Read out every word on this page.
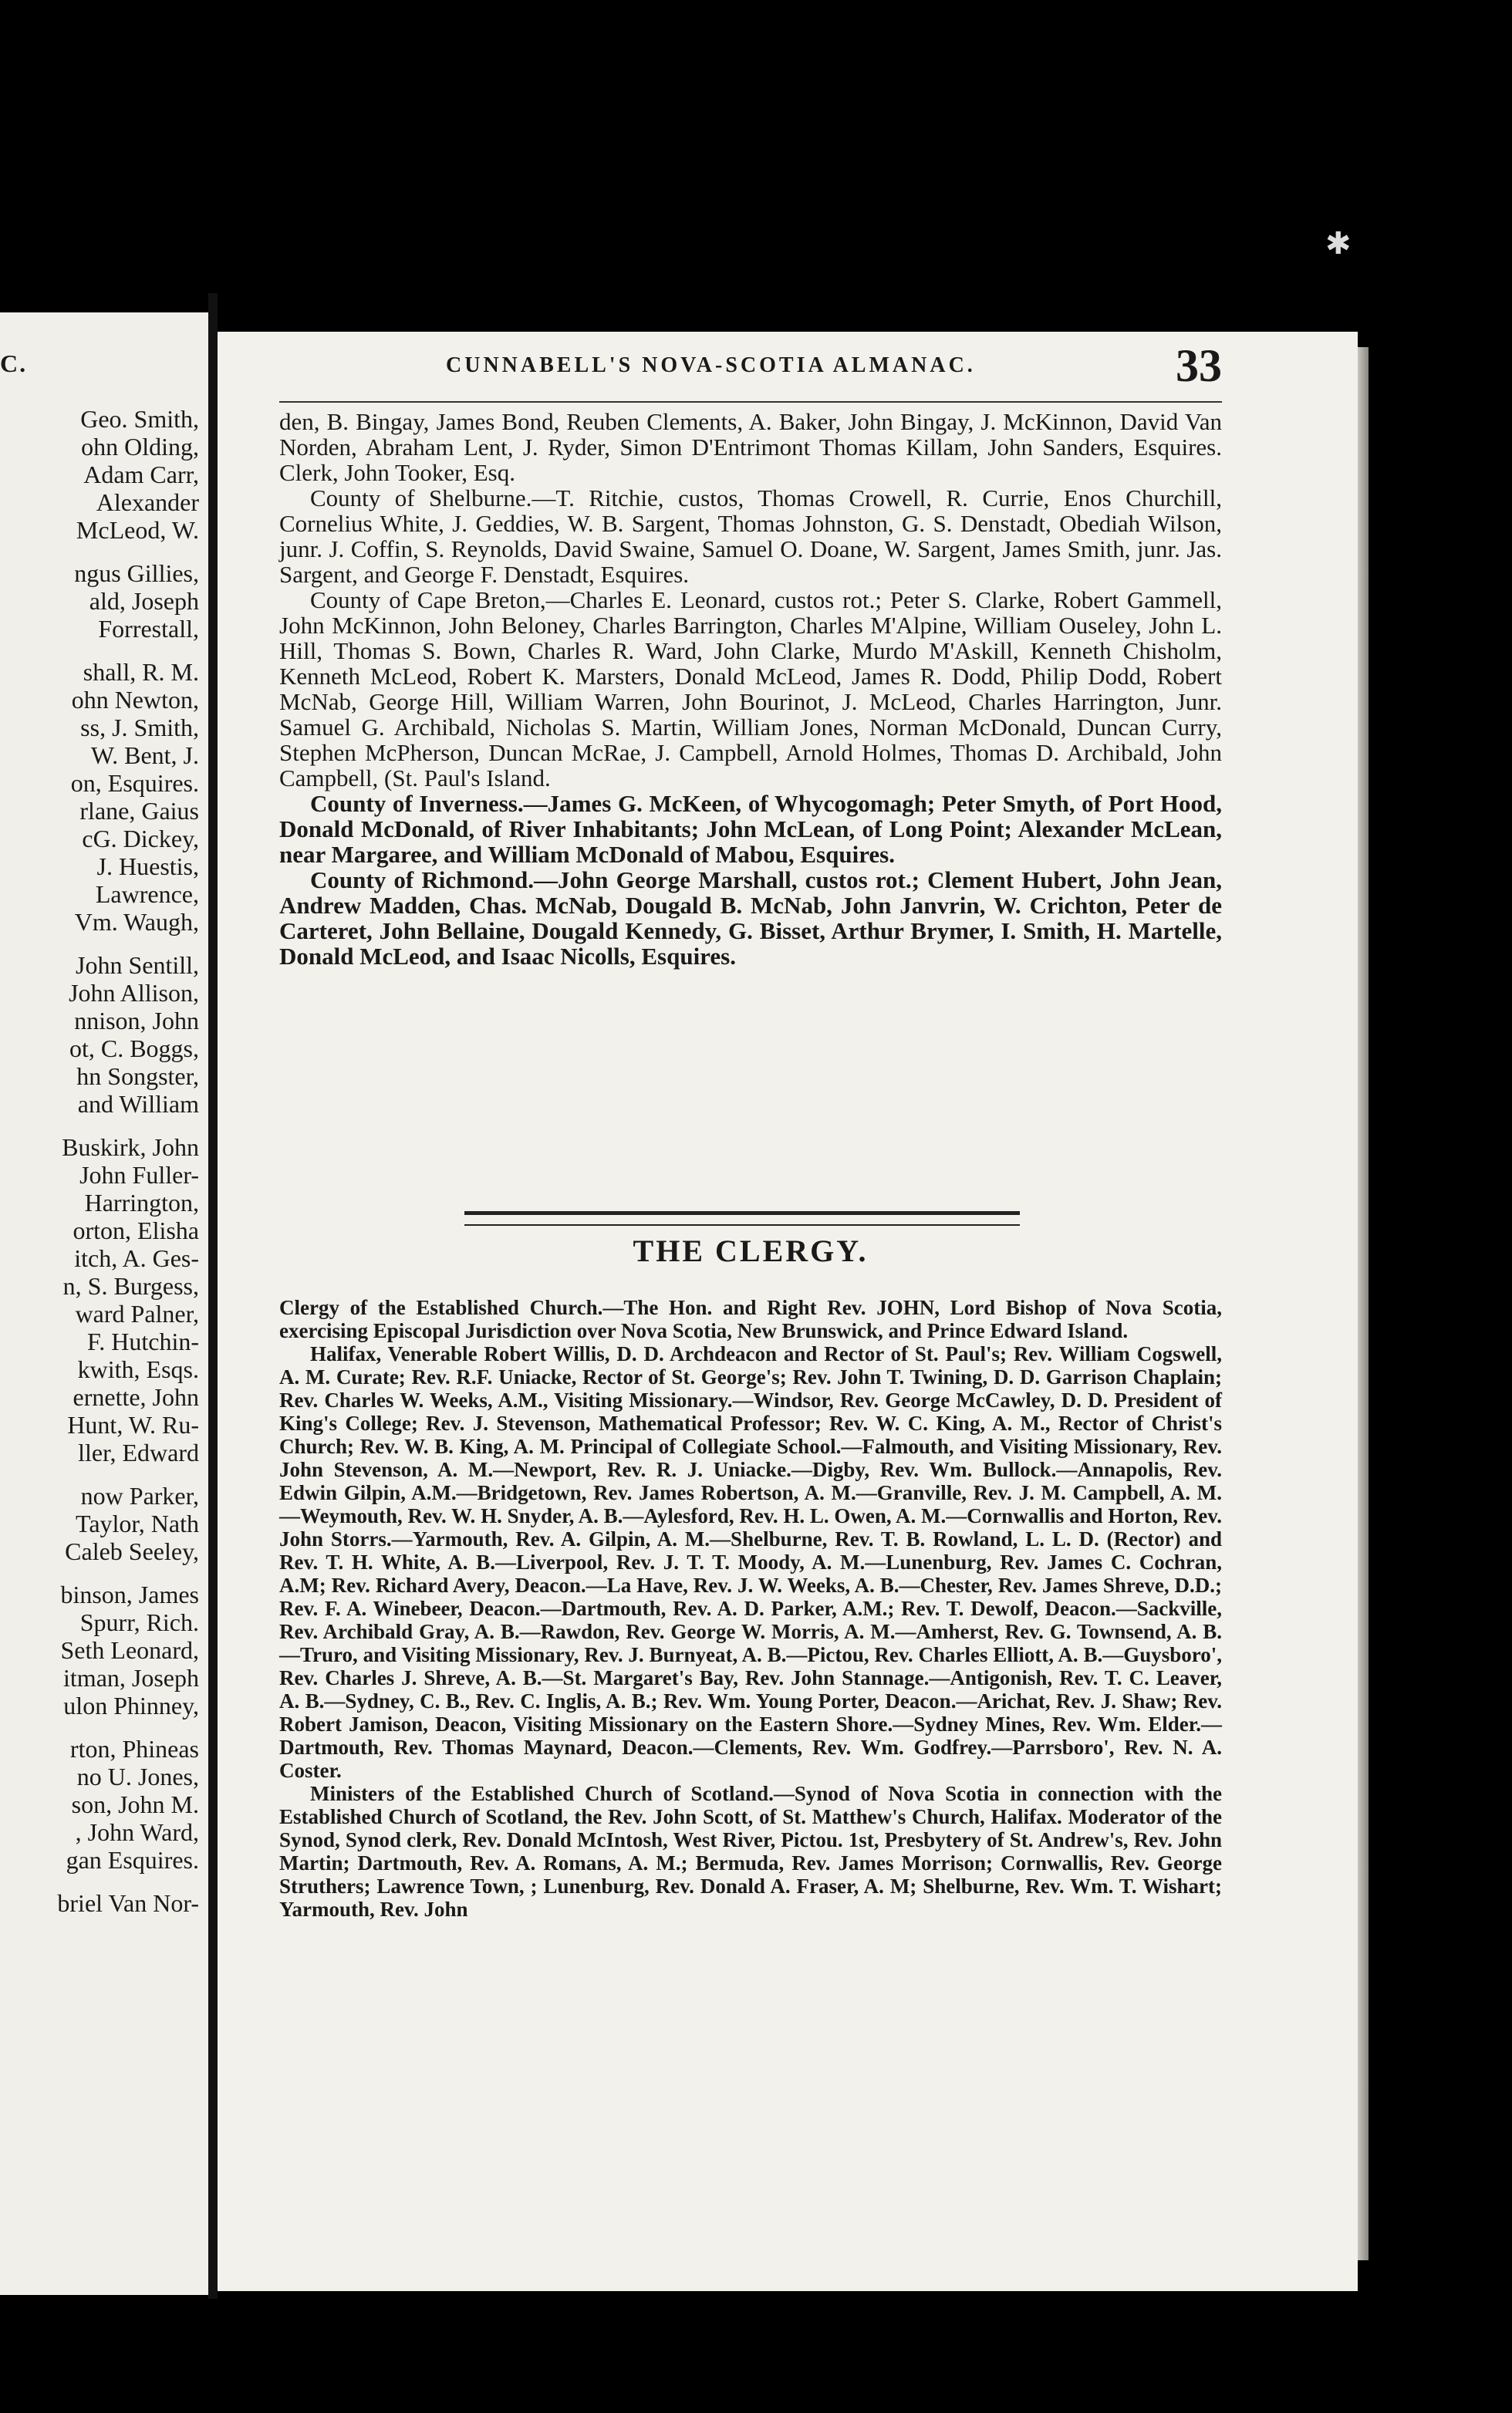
✱
C.
Geo. Smith,
ohn Olding,
Adam Carr,
Alexander
McLeod, W.
ngus Gillies,
ald, Joseph
Forrestall,
shall, R. M.
ohn Newton,
ss, J. Smith,
W. Bent, J.
on, Esquires.
rlane, Gaius
cG. Dickey,
J. Huestis,
Lawrence,
Vm. Waugh,
John Sentill,
John Allison,
nnison, John
ot, C. Boggs,
hn Songster,
and William
Buskirk, John
John Fuller-
Harrington,
orton, Elisha
itch, A. Ges-
n, S. Burgess,
ward Palner,
F. Hutchin-
kwith, Esqs.
ernette, John
Hunt, W. Ru-
ller, Edward
now Parker,
Taylor, Nath
Caleb Seeley,
binson, James
Spurr, Rich.
Seth Leonard,
itman, Joseph
ulon Phinney,
rton, Phineas
no U. Jones,
son, John M.
, John Ward,
gan Esquires.
briel Van Nor-
CUNNABELL'S NOVA-SCOTIA ALMANAC.	33

den, B. Bingay, James Bond, Reuben Clements, A. Baker, John Bingay, J. McKinnon, David Van Norden, Abraham Lent, J. Ryder, Simon D'Entrimont Thomas Killam, John Sanders, Esquires. Clerk, John Tooker, Esq.

County of Shelburne.—T. Ritchie, custos, Thomas Crowell, R. Currie, Enos Churchill, Cornelius White, J. Geddies, W. B. Sargent, Thomas Johnston, G. S. Denstadt, Obediah Wilson, junr. J. Coffin, S. Reynolds, David Swaine, Samuel O. Doane, W. Sargent, James Smith, junr. Jas. Sargent, and George F. Denstadt, Esquires.

County of Cape Breton,—Charles E. Leonard, custos rot.; Peter S. Clarke, Robert Gammell, John McKinnon, John Beloney, Charles Barrington, Charles M'Alpine, William Ouseley, John L. Hill, Thomas S. Bown, Charles R. Ward, John Clarke, Murdo M'Askill, Kenneth Chisholm, Kenneth McLeod, Robert K. Marsters, Donald McLeod, James R. Dodd, Philip Dodd, Robert McNab, George Hill, William Warren, John Bourinot, J. McLeod, Charles Harrington, Junr. Samuel G. Archibald, Nicholas S. Martin, William Jones, Norman McDonald, Duncan Curry, Stephen McPherson, Duncan McRae, J. Campbell, Arnold Holmes, Thomas D. Archibald, John Campbell, (St. Paul's Island.

County of Inverness.—James G. McKeen, of Whycogomagh; Peter Smyth, of Port Hood, Donald McDonald, of River Inhabitants; John McLean, of Long Point; Alexander McLean, near Margaree, and William McDonald of Mabou, Esquires.

County of Richmond.—John George Marshall, custos rot.; Clement Hubert, John Jean, Andrew Madden, Chas. McNab, Dougald B. McNab, John Janvrin, W. Crichton, Peter de Carteret, John Bellaine, Dougald Kennedy, G. Bisset, Arthur Brymer, I. Smith, H. Martelle, Donald McLeod, and Isaac Nicolls, Esquires.

THE CLERGY.

Clergy of the Established Church.—The Hon. and Right Rev. JOHN, Lord Bishop of Nova Scotia, exercising Episcopal Jurisdiction over Nova Scotia, New Brunswick, and Prince Edward Island.

Halifax, Venerable Robert Willis, D. D. Archdeacon and Rector of St. Paul's; Rev. William Cogswell, A. M. Curate; Rev. R.F. Uniacke, Rector of St. George's; Rev. John T. Twining, D. D. Garrison Chaplain; Rev. Charles W. Weeks, A.M., Visiting Missionary.—Windsor, Rev. George McCawley, D. D. President of King's College; Rev. J. Stevenson, Mathematical Professor; Rev. W. C. King, A. M., Rector of Christ's Church; Rev. W. B. King, A. M. Principal of Collegiate School.—Falmouth, and Visiting Missionary, Rev. John Stevenson, A. M.—Newport, Rev. R. J. Uniacke.—Digby, Rev. Wm. Bullock.—Annapolis, Rev. Edwin Gilpin, A.M.—Bridgetown, Rev. James Robertson, A. M.—Granville, Rev. J. M. Campbell, A. M.—Weymouth, Rev. W. H. Snyder, A. B.—Aylesford, Rev. H. L. Owen, A. M.—Cornwallis and Horton, Rev. John Storrs.—Yarmouth, Rev. A. Gilpin, A. M.—Shelburne, Rev. T. B. Rowland, L. L. D. (Rector) and Rev. T. H. White, A. B.—Liverpool, Rev. J. T. T. Moody, A. M.—Lunenburg, Rev. James C. Cochran, A.M; Rev. Richard Avery, Deacon.—La Have, Rev. J. W. Weeks, A. B.—Chester, Rev. James Shreve, D.D.; Rev. F. A. Winebeer, Deacon.—Dartmouth, Rev. A. D. Parker, A.M.; Rev. T. Dewolf, Deacon.—Sackville, Rev. Archibald Gray, A. B.—Rawdon, Rev. George W. Morris, A. M.—Amherst, Rev. G. Townsend, A. B.—Truro, and Visiting Missionary, Rev. J. Burnyeat, A. B.—Pictou, Rev. Charles Elliott, A. B.—Guysboro', Rev. Charles J. Shreve, A. B.—St. Margaret's Bay, Rev. John Stannage.—Antigonish, Rev. T. C. Leaver, A. B.—Sydney, C. B., Rev. C. Inglis, A. B.; Rev. Wm. Young Porter, Deacon.—Arichat, Rev. J. Shaw; Rev. Robert Jamison, Deacon, Visiting Missionary on the Eastern Shore.—Sydney Mines, Rev. Wm. Elder.—Dartmouth, Rev. Thomas Maynard, Deacon.—Clements, Rev. Wm. Godfrey.—Parrsboro', Rev. N. A. Coster.

Ministers of the Established Church of Scotland.—Synod of Nova Scotia in connection with the Established Church of Scotland, the Rev. John Scott, of St. Matthew's Church, Halifax. Moderator of the Synod, Synod clerk, Rev. Donald McIntosh, West River, Pictou. 1st, Presbytery of St. Andrew's, Rev. John Martin; Dartmouth, Rev. A. Romans, A. M.; Bermuda, Rev. James Morrison; Cornwallis, Rev. George Struthers; Lawrence Town, ; Lunenburg, Rev. Donald A. Fraser, A. M; Shelburne, Rev. Wm. T. Wishart; Yarmouth, Rev. John
